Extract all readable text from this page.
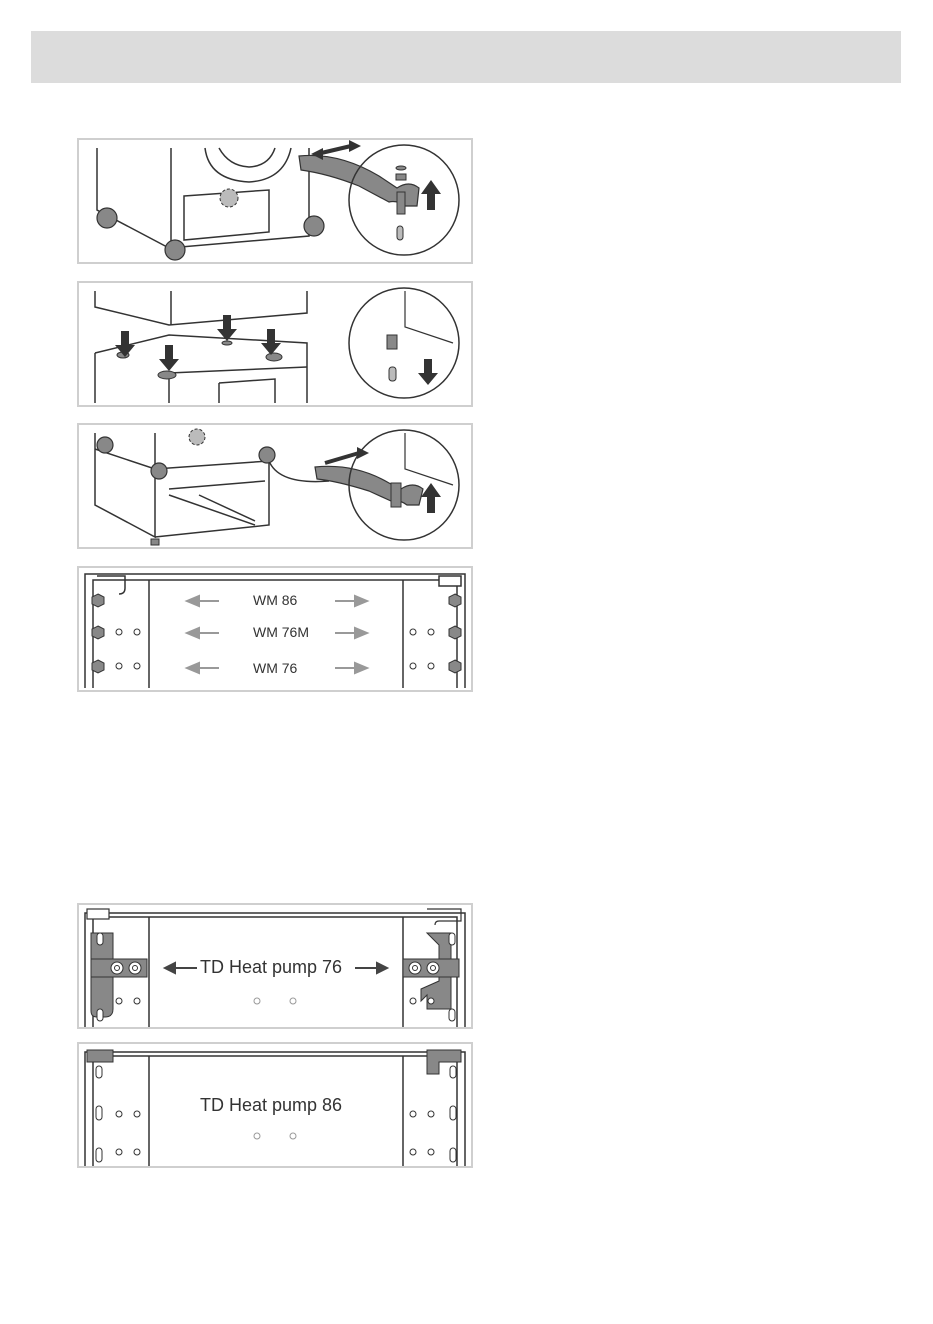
WM 86
WM 76M
WM 76
TD Heat pump 76
TD Heat pump 86
